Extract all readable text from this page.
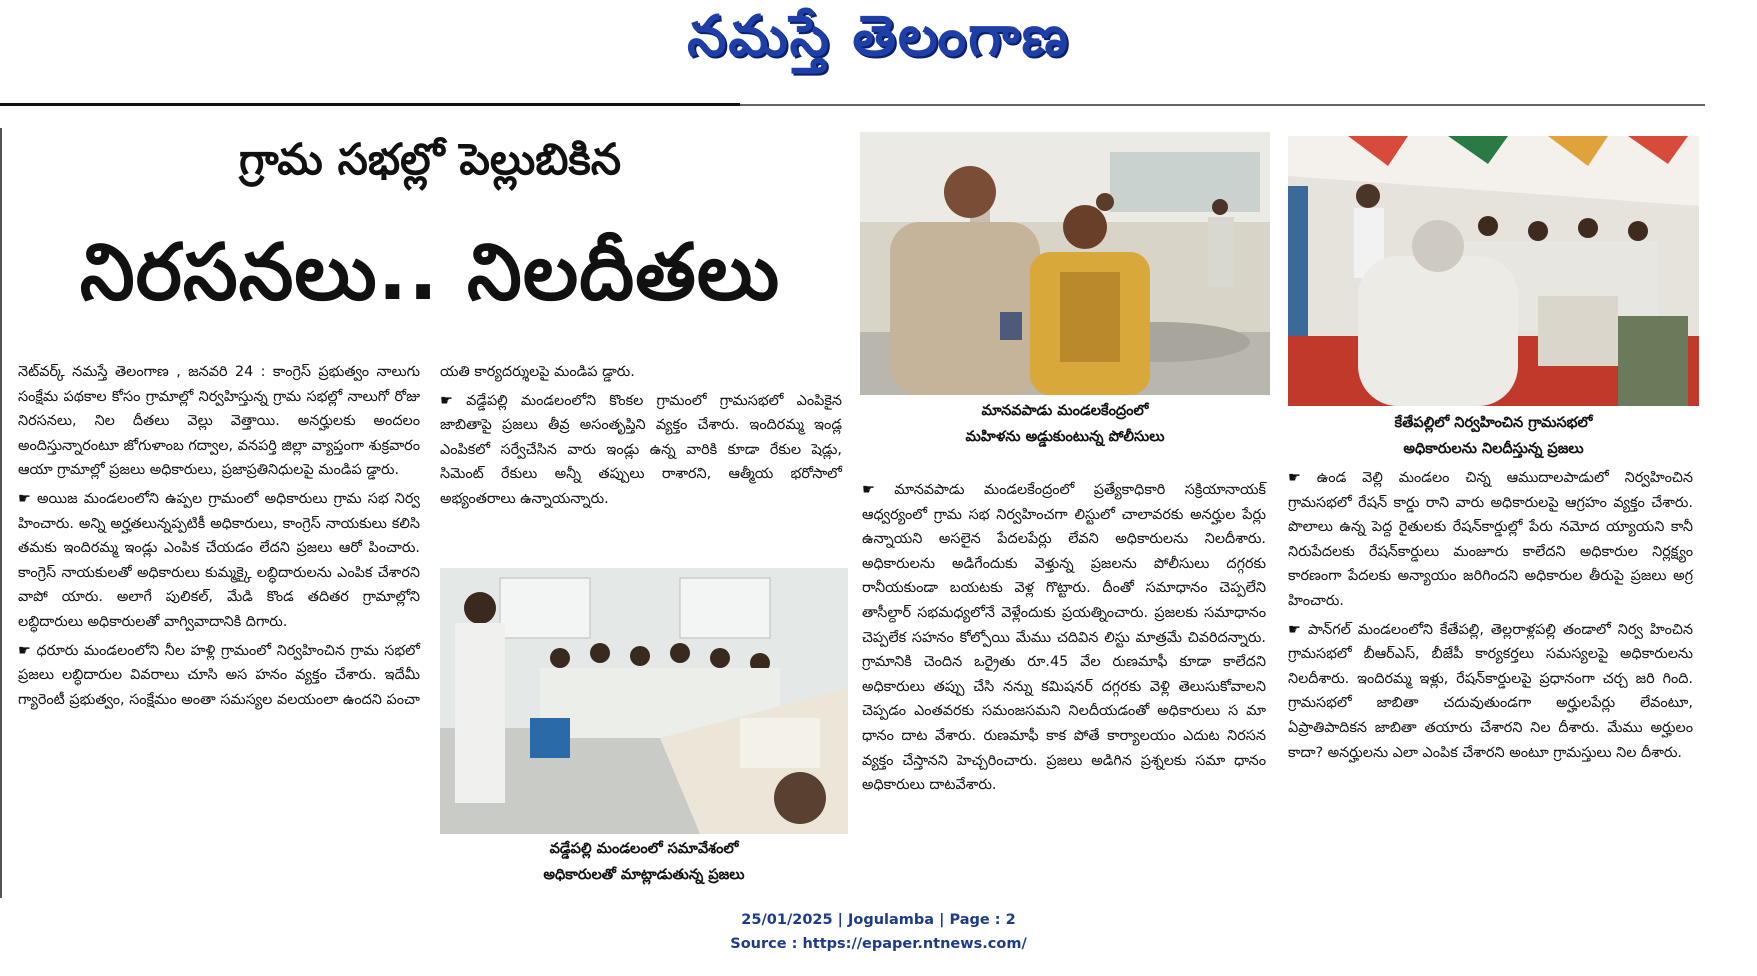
నమస్తే తెలంగాణ
గ్రామ సభల్లో పెల్లుబికిన
నిరసనలు.. నిలదీతలు

నెట్‌వర్క్ నమస్తే తెలంగాణ , జనవరి 24 : కాంగ్రెస్ ప్రభుత్వం నాలుగు సంక్షేమ పథకాల కోసం గ్రామాల్లో నిర్వహిస్తున్న గ్రామ సభల్లో నాలుగో రోజు నిరసనలు, నిల దీతలు వెల్లు వెత్తాయి. అనర్హులకు అందలం అందిస్తున్నారంటూ జోగుళాంబ గద్వాల, వనపర్తి జిల్లా వ్యాప్తంగా శుక్రవారం ఆయా గ్రామాల్లో ప్రజలు అధికారులు, ప్రజాప్రతినిధులపై మండిప డ్డారు.

☛ అయిజ మండలంలోని ఉప్పల గ్రామంలో అధికారులు గ్రామ సభ నిర్వ హించారు. అన్ని అర్హతలున్నప్పటికీ అధికారులు, కాంగ్రెస్ నాయకులు కలిసి తమకు ఇందిరమ్మ ఇండ్లు ఎంపిక చేయడం లేదని ప్రజలు ఆరో పించారు. కాంగ్రెస్ నాయకులతో అధికారులు కుమ్మక్కై లబ్ధిదారులను ఎంపిక చేశారని వాపో యారు. అలాగే పులికల్, మేడి కొండ తదితర గ్రామాల్లోని లబ్ధిదారులు అధికారులతో వాగ్వివాదానికి దిగారు.

☛ ధరూరు మండలంలోని నీల హళ్లి గ్రామంలో నిర్వహించిన గ్రామ సభలో ప్రజలు లబ్ధిదారుల వివరాలు చూసి అస హనం వ్యక్తం చేశారు. ఇదేమీ గ్యారెంటీ ప్రభుత్వం, సంక్షేమం అంతా సమస్యల వలయంలా ఉందని పంచా

యతి కార్యదర్శులపై మండిప డ్డారు.

☛ వడ్డేపల్లి మండలంలోని కొంకల గ్రామంలో గ్రామసభలో ఎంపికైన జాబితాపై ప్రజలు తీవ్ర అసంతృప్తిని వ్యక్తం చేశారు. ఇందిరమ్మ ఇండ్ల ఎంపికలో సర్వేచేసిన వారు ఇండ్లు ఉన్న వారికి కూడా రేకుల షెడ్లు, సిమెంట్ రేకులు అన్నీ తప్పులు రాశారని, ఆత్మీయ భరోసాలో అభ్యంతరాలు ఉన్నాయన్నారు.

☛ మానవపాడు మండలకేంద్రంలో ప్రత్యేకాధికారి సక్రియానాయక్ ఆధ్వర్యంలో గ్రామ సభ నిర్వహించగా లిస్టులో చాలావరకు అనర్హుల పేర్లు ఉన్నాయని అసలైన పేదలపేర్లు లేవని అధికారులను నిలదీశారు. అధికారులను అడిగేందుకు వెళ్తున్న ప్రజలను పోలీసులు దగ్గరకు రానీయకుండా బయటకు వెళ్ల గొట్టారు. దీంతో సమాధానం చెప్పలేని తాసీల్దార్ సభమధ్యలోనే వెళ్లేందుకు ప్రయత్నించారు. ప్రజలకు సమాధానం చెప్పలేక సహనం కోల్పోయి మేము చదివిన లిస్టు మాత్రమే చివరిదన్నారు. గ్రామానికి చెందిన ఒర్రైతు రూ.45 వేల రుణమాఫీ కూడా కాలేదని అధికారులు తప్పు చేసి నన్ను కమిషనర్ దగ్గరకు వెళ్లి తెలుసుకోవాలని చెప్పడం ఎంతవరకు సమంజసమని నిలదీయడంతో అధికారులు స మా ధానం దాట వేశారు. రుణమాఫీ కాక పోతే కార్యాలయం ఎదుట నిరసన వ్యక్తం చేస్తానని హెచ్చరించారు. ప్రజలు అడిగిన ప్రశ్నలకు సమా ధానం అధికారులు దాటవేశారు.

☛ ఉండ వెల్లి మండలం చిన్న ఆముదాలపాడులో నిర్వహించిన గ్రామసభలో రేషన్ కార్డు రాని వారు అధికారులపై ఆగ్రహం వ్యక్తం చేశారు. పొలాలు ఉన్న పెద్ద రైతులకు రేషన్‌కార్డుల్లో పేరు నమోద య్యాయని కానీ నిరుపేదలకు రేషన్‌కార్డులు మంజూరు కాలేదని అధికారుల నిర్లక్ష్యం కారణంగా పేదలకు అన్యాయం జరిగిందని అధికారుల తీరుపై ప్రజలు అగ్ర హించారు.

☛ పాన్‌గల్ మండలంలోని కేతేపల్లి, తెల్లరాళ్లపల్లి తండాలో నిర్వ హించిన గ్రామసభలో బీఆర్‌ఎస్, బీజేపీ కార్యకర్తలు సమస్యలపై అధికారులను నిలదీశారు. ఇందిరమ్మ ఇళ్లు, రేషన్‌కార్డులపై ప్రధానంగా చర్చ జరి గింది. గ్రామసభలో జాబితా చదువుతుండగా అర్హులపేర్లు లేవంటూ, ఏప్రాతిపాదికన జాబితా తయారు చేశారని నిల దీశారు. మేము అర్హులం కాదా? అనర్హులను ఎలా ఎంపిక చేశారని అంటూ గ్రామస్తులు నిల దీశారు.

మానవపాడు మండలకేంద్రంలో
మహిళను అడ్డుకుంటున్న పోలీసులు
కేతేపల్లిలో నిర్వహించిన గ్రామసభలో
అధికారులను నిలదీస్తున్న ప్రజలు
వడ్డేపల్లి మండలంలో సమావేశంలో
అధికారులతో మాట్లాడుతున్న ప్రజలు
25/01/2025 | Jogulamba | Page : 2
Source : https://epaper.ntnews.com/
